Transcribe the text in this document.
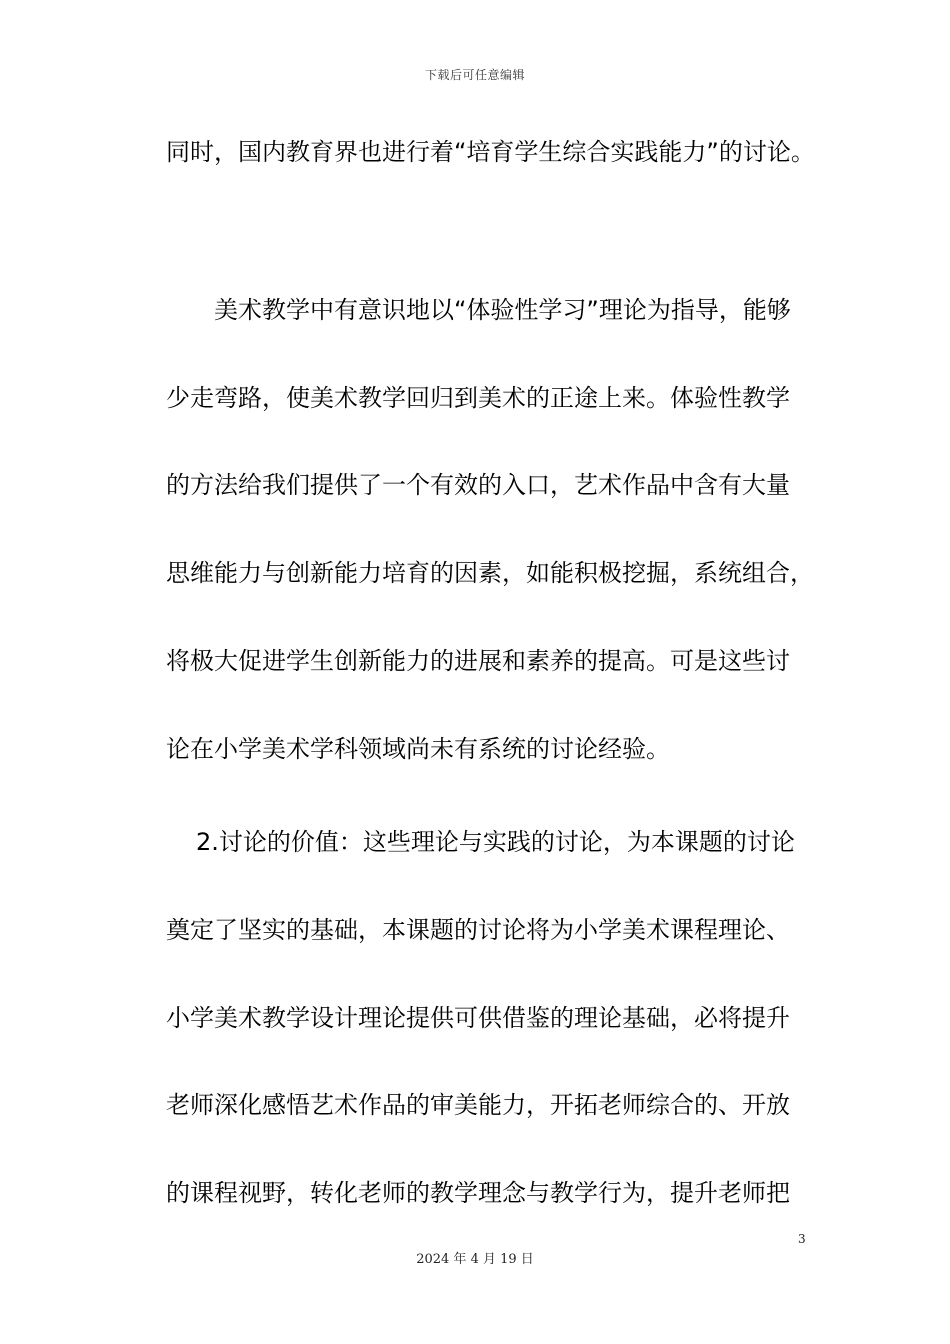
下载后可任意编辑
同时，国内教育界也进行着“培育学生综合实践能力”的讨论。
美术教学中有意识地以“体验性学习”理论为指导，能够
少走弯路，使美术教学回归到美术的正途上来。体验性教学
的方法给我们提供了一个有效的入口，艺术作品中含有大量
思维能力与创新能力培育的因素，如能积极挖掘，系统组合，
将极大促进学生创新能力的进展和素养的提高。可是这些讨
论在小学美术学科领域尚未有系统的讨论经验。
2.讨论的价值：这些理论与实践的讨论，为本课题的讨论
奠定了坚实的基础，本课题的讨论将为小学美术课程理论、
小学美术教学设计理论提供可供借鉴的理论基础，必将提升
老师深化感悟艺术作品的审美能力，开拓老师综合的、开放
的课程视野，转化老师的教学理念与教学行为，提升老师把
3
2024 年 4 月 19 日
